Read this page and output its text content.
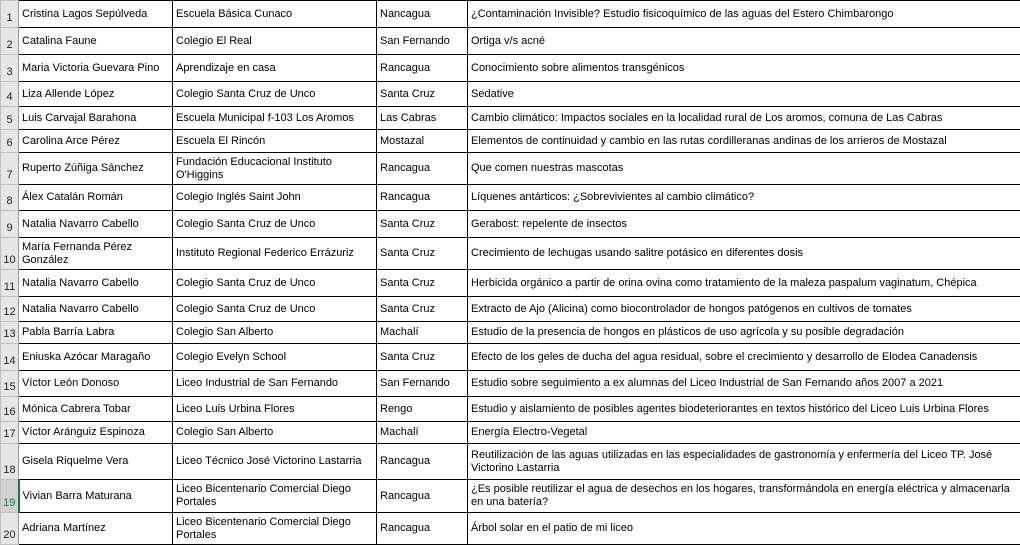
1	Cristina Lagos Sepúlveda	Escuela Básica Cunaco	Nancagua	¿Contaminación Invisible? Estudio fisicoquímico de las aguas del Estero Chimbarongo
2	Catalina Faune	Colegio El Real	San Fernando	Ortiga v/s acné
3	Maria Victoria Guevara Pino	Aprendizaje en casa	Rancagua	Conocimiento sobre alimentos transgénicos
4	Liza Allende López	Colegio Santa Cruz de Unco	Santa Cruz	Sedative
5	Luis Carvajal Barahona	Escuela Municipal f-103 Los Aromos	Las Cabras	Cambio climático: Impactos sociales en la localidad rural de Los aromos, comuna de Las Cabras
6	Carolina Arce Pérez	Escuela El Rincón	Mostazal	Elementos de continuidad y cambio en las rutas cordilleranas andinas de los arrieros de Mostazal
7	Ruperto Zúñiga Sánchez	Fundación Educacional Instituto O'Higgins	Rancagua	Que comen nuestras mascotas
8	Álex Catalán Román	Colegio Inglés Saint John	Rancagua	Líquenes antárticos: ¿Sobrevivientes al cambio climático?
9	Natalia Navarro Cabello	Colegio Santa Cruz de Unco	Santa Cruz	Gerabost: repelente de insectos
10	María Fernanda Pérez González	Instituto Regional Federico Errázuriz	Santa Cruz	Crecimiento de lechugas usando salitre potásico en diferentes dosis
11	Natalia Navarro Cabello	Colegio Santa Cruz de Unco	Santa Cruz	Herbicida orgánico a partir de orina ovina como tratamiento de la maleza paspalum vaginatum, Chépica
12	Natalia Navarro Cabello	Colegio Santa Cruz de Unco	Santa Cruz	Extracto de Ajo (Alicina) como biocontrolador de hongos patógenos en cultivos de tomates
13	Pabla Barría Labra	Colegio San Alberto	Machalí	Estudio de la presencia de hongos en plásticos de uso agrícola y su posible degradación
14	Eniuska Azócar Maragaño	Colegio Evelyn School	Santa Cruz	Efecto de los geles de ducha del agua residual, sobre el crecimiento y desarrollo de Elodea Canadensis
15	Víctor León Donoso	Liceo Industrial de San Fernando	San Fernando	Estudio sobre seguimiento a ex alumnas del Liceo Industrial de San Fernando años 2007 a 2021
16	Mónica Cabrera Tobar	Liceo Luis Urbina Flores	Rengo	Estudio y aislamiento de posibles agentes biodeteriorantes en textos histórico del Liceo Luis Urbina Flores
17	Víctor Aránguiz Espinoza	Colegio San Alberto	Machalí	Energía Electro-Vegetal
18	Gisela Riquelme Vera	Liceo Técnico José Victorino Lastarria	Rancagua	Reutilización de las aguas utilizadas en las especialidades de gastronomía y enfermería del Liceo TP. José Victorino Lastarria
19	Vivian Barra Maturana	Liceo Bicentenario Comercial Diego Portales	Rancagua	¿Es posible reutilizar el agua de desechos en los hogares, transformándola en energía eléctrica y almacenarla en una batería?
20	Adriana Martínez	Liceo Bicentenario Comercial Diego Portales	Rancagua	Árbol solar en el patio de mi liceo
